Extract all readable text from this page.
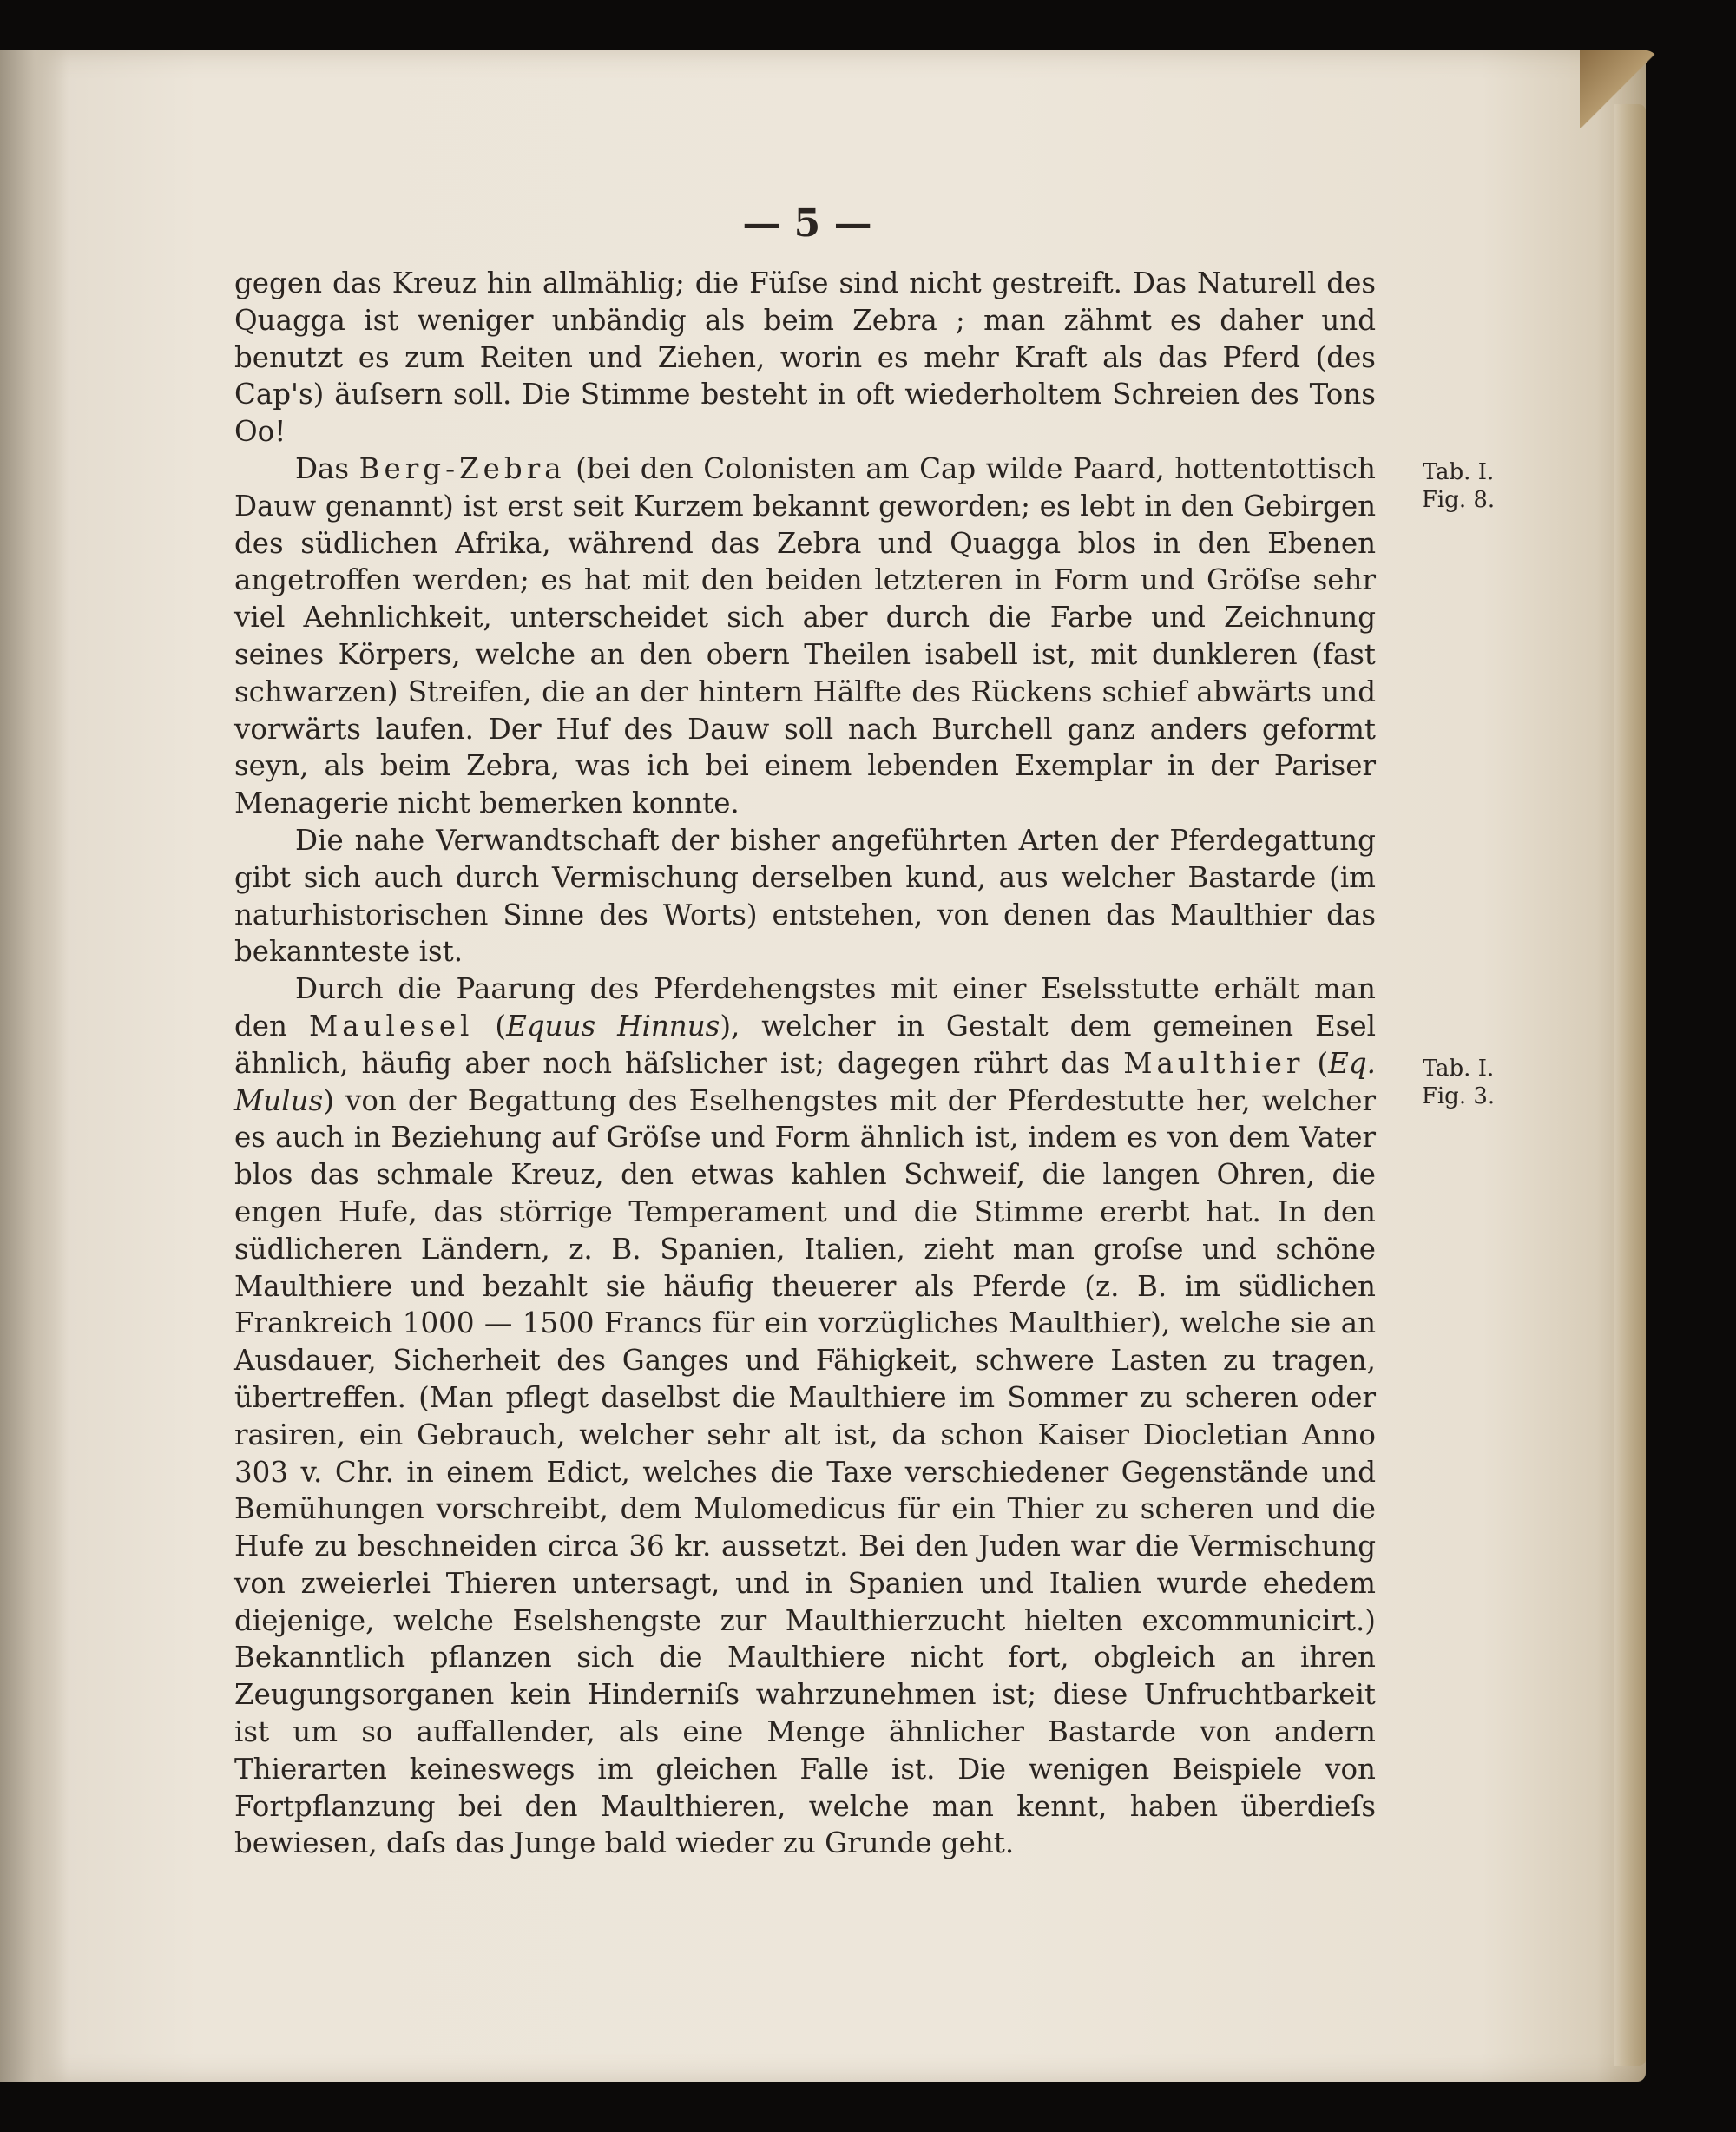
— 5 —

gegen das Kreuz hin allmählig; die Füſse sind nicht gestreift. Das Naturell des Quagga ist weniger unbändig als beim Zebra ; man zähmt es daher und benutzt es zum Reiten und Ziehen, worin es mehr Kraft als das Pferd (des Cap's) äuſsern soll. Die Stimme besteht in oft wiederholtem Schreien des Tons Oo!

Das Berg-Zebra (bei den Colonisten am Cap wilde Paard, hottentottisch Dauw genannt) ist erst seit Kurzem bekannt geworden; es lebt in den Gebirgen des südlichen Afrika, während das Zebra und Quagga blos in den Ebenen angetroffen werden; es hat mit den beiden letzteren in Form und Gröſse sehr viel Aehnlichkeit, unterscheidet sich aber durch die Farbe und Zeichnung seines Körpers, welche an den obern Theilen isabell ist, mit dunkleren (fast schwarzen) Streifen, die an der hintern Hälfte des Rückens schief abwärts und vorwärts laufen. Der Huf des Dauw soll nach Burchell ganz anders geformt seyn, als beim Zebra, was ich bei einem lebenden Exemplar in der Pariser Menagerie nicht bemerken konnte.

Die nahe Verwandtschaft der bisher angeführten Arten der Pferdegattung gibt sich auch durch Vermischung derselben kund, aus welcher Bastarde (im naturhistorischen Sinne des Worts) entstehen, von denen das Maulthier das bekannteste ist.

Durch die Paarung des Pferdehengstes mit einer Eselsstutte erhält man den Maulesel (Equus Hinnus), welcher in Gestalt dem gemeinen Esel ähnlich, häufig aber noch häſslicher ist; dagegen rührt das Maulthier (Eq. Mulus) von der Begattung des Eselhengstes mit der Pferdestutte her, welcher es auch in Beziehung auf Gröſse und Form ähnlich ist, indem es von dem Vater blos das schmale Kreuz, den etwas kahlen Schweif, die langen Ohren, die engen Hufe, das störrige Temperament und die Stimme ererbt hat. In den südlicheren Ländern, z. B. Spanien, Italien, zieht man groſse und schöne Maulthiere und bezahlt sie häufig theuerer als Pferde (z. B. im südlichen Frankreich 1000 — 1500 Francs für ein vorzügliches Maulthier), welche sie an Ausdauer, Sicherheit des Ganges und Fähigkeit, schwere Lasten zu tragen, übertreffen. (Man pflegt daselbst die Maulthiere im Sommer zu scheren oder rasiren, ein Gebrauch, welcher sehr alt ist, da schon Kaiser Diocletian Anno 303 v. Chr. in einem Edict, welches die Taxe verschiedener Gegenstände und Bemühungen vorschreibt, dem Mulomedicus für ein Thier zu scheren und die Hufe zu beschneiden circa 36 kr. aussetzt. Bei den Juden war die Vermischung von zweierlei Thieren untersagt, und in Spanien und Italien wurde ehedem diejenige, welche Eselshengste zur Maulthierzucht hielten excommunicirt.) Bekanntlich pflanzen sich die Maulthiere nicht fort, obgleich an ihren Zeugungsorganen kein Hinderniſs wahrzunehmen ist; diese Unfruchtbarkeit ist um so auffallender, als eine Menge ähnlicher Bastarde von andern Thierarten keineswegs im gleichen Falle ist. Die wenigen Beispiele von Fortpflanzung bei den Maulthieren, welche man kennt, haben überdieſs bewiesen, daſs das Junge bald wieder zu Grunde geht.

Tab. I.
Fig. 8.
Tab. I.
Fig. 3.
